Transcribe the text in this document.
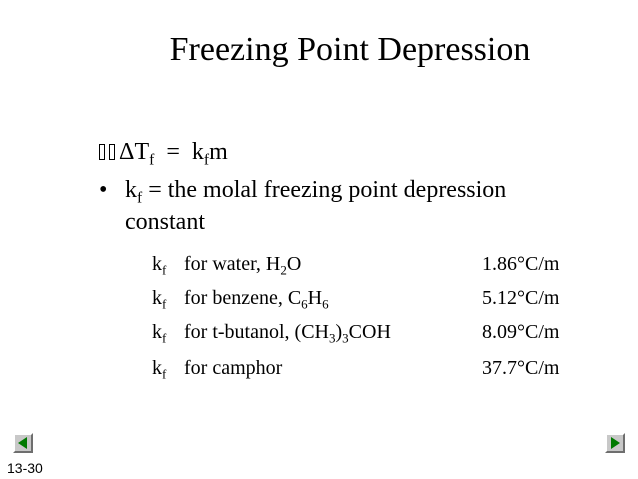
Freezing Point Depression
$\Delta T_f = k_fm$
• $k_f$ = the molal freezing point depression
constant
$k_f$ for water, $H_2O$	1.86°C/m
$k_f$ for benzene, $C_6H_6$	5.12°C/m
$k_f$ for t-butanol, $(CH_3)_3COH$	8.09°C/m
$k_f$ for camphor	37.7°C/m
13-30
